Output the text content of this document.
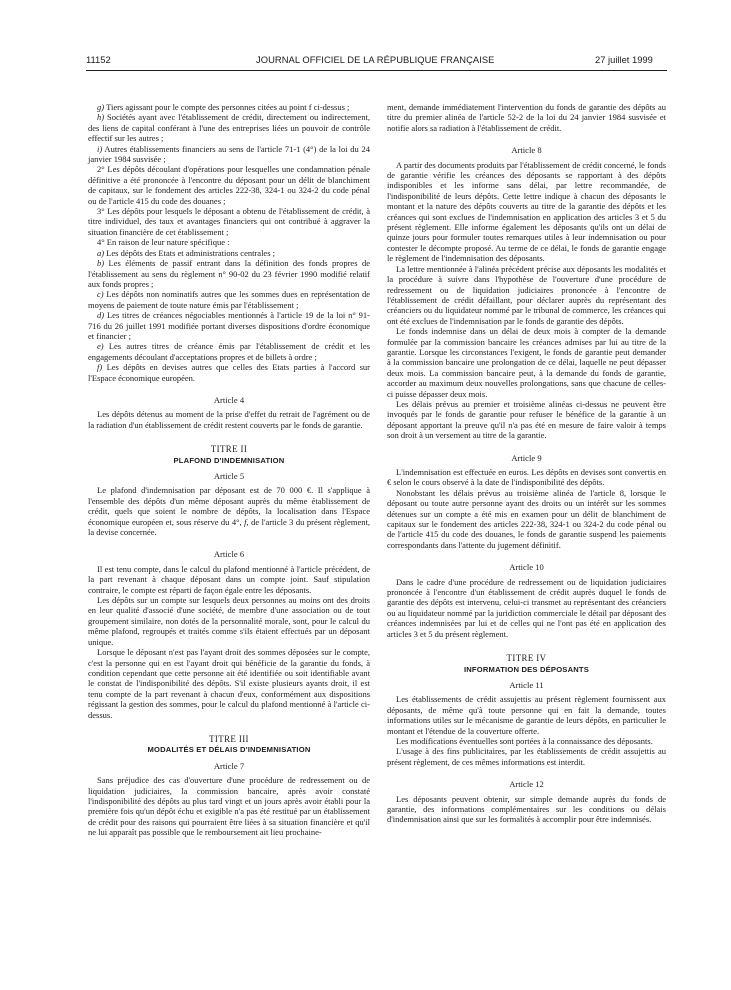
11152	JOURNAL OFFICIEL DE LA RÉPUBLIQUE FRANÇAISE	27 juillet 1999

g) Tiers agissant pour le compte des personnes citées au point f ci-dessus ;

h) Sociétés ayant avec l'établissement de crédit, directement ou indirectement, des liens de capital conférant à l'une des entreprises liées un pouvoir de contrôle effectif sur les autres ;

i) Autres établissements financiers au sens de l'article 71-1 (4°) de la loi du 24 janvier 1984 susvisée ;

2° Les dépôts découlant d'opérations pour lesquelles une condamnation pénale définitive a été prononcée à l'encontre du déposant pour un délit de blanchiment de capitaux, sur le fondement des articles 222-38, 324-1 ou 324-2 du code pénal ou de l'article 415 du code des douanes ;

3° Les dépôts pour lesquels le déposant a obtenu de l'établissement de crédit, à titre individuel, des taux et avantages financiers qui ont contribué à aggraver la situation financière de cet établissement ;

4° En raison de leur nature spécifique :

a) Les dépôts des Etats et administrations centrales ;

b) Les éléments de passif entrant dans la définition des fonds propres de l'établissement au sens du règlement n° 90-02 du 23 février 1990 modifié relatif aux fonds propres ;

c) Les dépôts non nominatifs autres que les sommes dues en représentation de moyens de paiement de toute nature émis par l'établissement ;

d) Les titres de créances négociables mentionnés à l'article 19 de la loi n° 91-716 du 26 juillet 1991 modifiée portant diverses dispositions d'ordre économique et financier ;

e) Les autres titres de créance émis par l'établissement de crédit et les engagements découlant d'acceptations propres et de billets à ordre ;

f) Les dépôts en devises autres que celles des Etats parties à l'accord sur l'Espace économique européen.

Article 4

Les dépôts détenus au moment de la prise d'effet du retrait de l'agrément ou de la radiation d'un établissement de crédit restent couverts par le fonds de garantie.

TITRE II
PLAFOND D'INDEMNISATION
Article 5

Le plafond d'indemnisation par déposant est de 70 000 €. Il s'applique à l'ensemble des dépôts d'un même déposant auprès du même établissement de crédit, quels que soient le nombre de dépôts, la localisation dans l'Espace économique européen et, sous réserve du 4°, f, de l'article 3 du présent règlement, la devise concernée.

Article 6

Il est tenu compte, dans le calcul du plafond mentionné à l'article précédent, de la part revenant à chaque déposant dans un compte joint. Sauf stipulation contraire, le compte est réparti de façon égale entre les déposants.

Les dépôts sur un compte sur lesquels deux personnes au moins ont des droits en leur qualité d'associé d'une société, de membre d'une association ou de tout groupement similaire, non dotés de la personnalité morale, sont, pour le calcul du même plafond, regroupés et traités comme s'ils étaient effectués par un déposant unique.

Lorsque le déposant n'est pas l'ayant droit des sommes déposées sur le compte, c'est la personne qui en est l'ayant droit qui bénéficie de la garantie du fonds, à condition cependant que cette personne ait été identifiée ou soit identifiable avant le constat de l'indisponibilité des dépôts. S'il existe plusieurs ayants droit, il est tenu compte de la part revenant à chacun d'eux, conformément aux dispositions régissant la gestion des sommes, pour le calcul du plafond mentionné à l'article ci-dessus.

TITRE III
MODALITÉS ET DÉLAIS D'INDEMNISATION
Article 7

Sans préjudice des cas d'ouverture d'une procédure de redressement ou de liquidation judiciaires, la commission bancaire, après avoir constaté l'indisponibilité des dépôts au plus tard vingt et un jours après avoir établi pour la première fois qu'un dépôt échu et exigible n'a pas été restitué par un établissement de crédit pour des raisons qui pourraient être liées à sa situation financière et qu'il ne lui apparaît pas possible que le remboursement ait lieu prochaine-

ment, demande immédiatement l'intervention du fonds de garantie des dépôts au titre du premier alinéa de l'article 52-2 de la loi du 24 janvier 1984 susvisée et notifie alors sa radiation à l'établissement de crédit.

Article 8

A partir des documents produits par l'établissement de crédit concerné, le fonds de garantie vérifie les créances des déposants se rapportant à des dépôts indisponibles et les informe sans délai, par lettre recommandée, de l'indisponibilité de leurs dépôts. Cette lettre indique à chacun des déposants le montant et la nature des dépôts couverts au titre de la garantie des dépôts et les créances qui sont exclues de l'indemnisation en application des articles 3 et 5 du présent règlement. Elle informe également les déposants qu'ils ont un délai de quinze jours pour formuler toutes remarques utiles à leur indemnisation ou pour contester le décompte proposé. Au terme de ce délai, le fonds de garantie engage le règlement de l'indemnisation des déposants.

La lettre mentionnée à l'alinéa précédent précise aux déposants les modalités et la procédure à suivre dans l'hypothèse de l'ouverture d'une procédure de redressement ou de liquidation judiciaires prononcée à l'encontre de l'établissement de crédit défaillant, pour déclarer auprès du représentant des créanciers ou du liquidateur nommé par le tribunal de commerce, les créances qui ont été exclues de l'indemnisation par le fonds de garantie des dépôts.

Le fonds indemnise dans un délai de deux mois à compter de la demande formulée par la commission bancaire les créances admises par lui au titre de la garantie. Lorsque les circonstances l'exigent, le fonds de garantie peut demander à la commission bancaire une prolongation de ce délai, laquelle ne peut dépasser deux mois. La commission bancaire peut, à la demande du fonds de garantie, accorder au maximum deux nouvelles prolongations, sans que chacune de celles-ci puisse dépasser deux mois.

Les délais prévus au premier et troisième alinéas ci-dessus ne peuvent être invoqués par le fonds de garantie pour refuser le bénéfice de la garantie à un déposant apportant la preuve qu'il n'a pas été en mesure de faire valoir à temps son droit à un versement au titre de la garantie.

Article 9

L'indemnisation est effectuée en euros. Les dépôts en devises sont convertis en € selon le cours observé à la date de l'indisponibilité des dépôts.

Nonobstant les délais prévus au troisième alinéa de l'article 8, lorsque le déposant ou toute autre personne ayant des droits ou un intérêt sur les sommes détenues sur un compte a été mis en examen pour un délit de blanchiment de capitaux sur le fondement des articles 222-38, 324-1 ou 324-2 du code pénal ou de l'article 415 du code des douanes, le fonds de garantie suspend les paiements correspondants dans l'attente du jugement définitif.

Article 10

Dans le cadre d'une procédure de redressement ou de liquidation judiciaires prononcée à l'encontre d'un établissement de crédit auprès duquel le fonds de garantie des dépôts est intervenu, celui-ci transmet au représentant des créanciers ou au liquidateur nommé par la juridiction commerciale le détail par déposant des créances indemnisées par lui et de celles qui ne l'ont pas été en application des articles 3 et 5 du présent règlement.

TITRE IV
INFORMATION DES DÉPOSANTS
Article 11

Les établissements de crédit assujettis au présent règlement fournissent aux déposants, de même qu'à toute personne qui en fait la demande, toutes informations utiles sur le mécanisme de garantie de leurs dépôts, en particulier le montant et l'étendue de la couverture offerte.

Les modifications éventuelles sont portées à la connaissance des déposants.

L'usage à des fins publicitaires, par les établissements de crédit assujettis au présent règlement, de ces mêmes informations est interdit.

Article 12

Les déposants peuvent obtenir, sur simple demande auprès du fonds de garantie, des informations complémentaires sur les conditions ou délais d'indemnisation ainsi que sur les formalités à accomplir pour être indemnisés.
